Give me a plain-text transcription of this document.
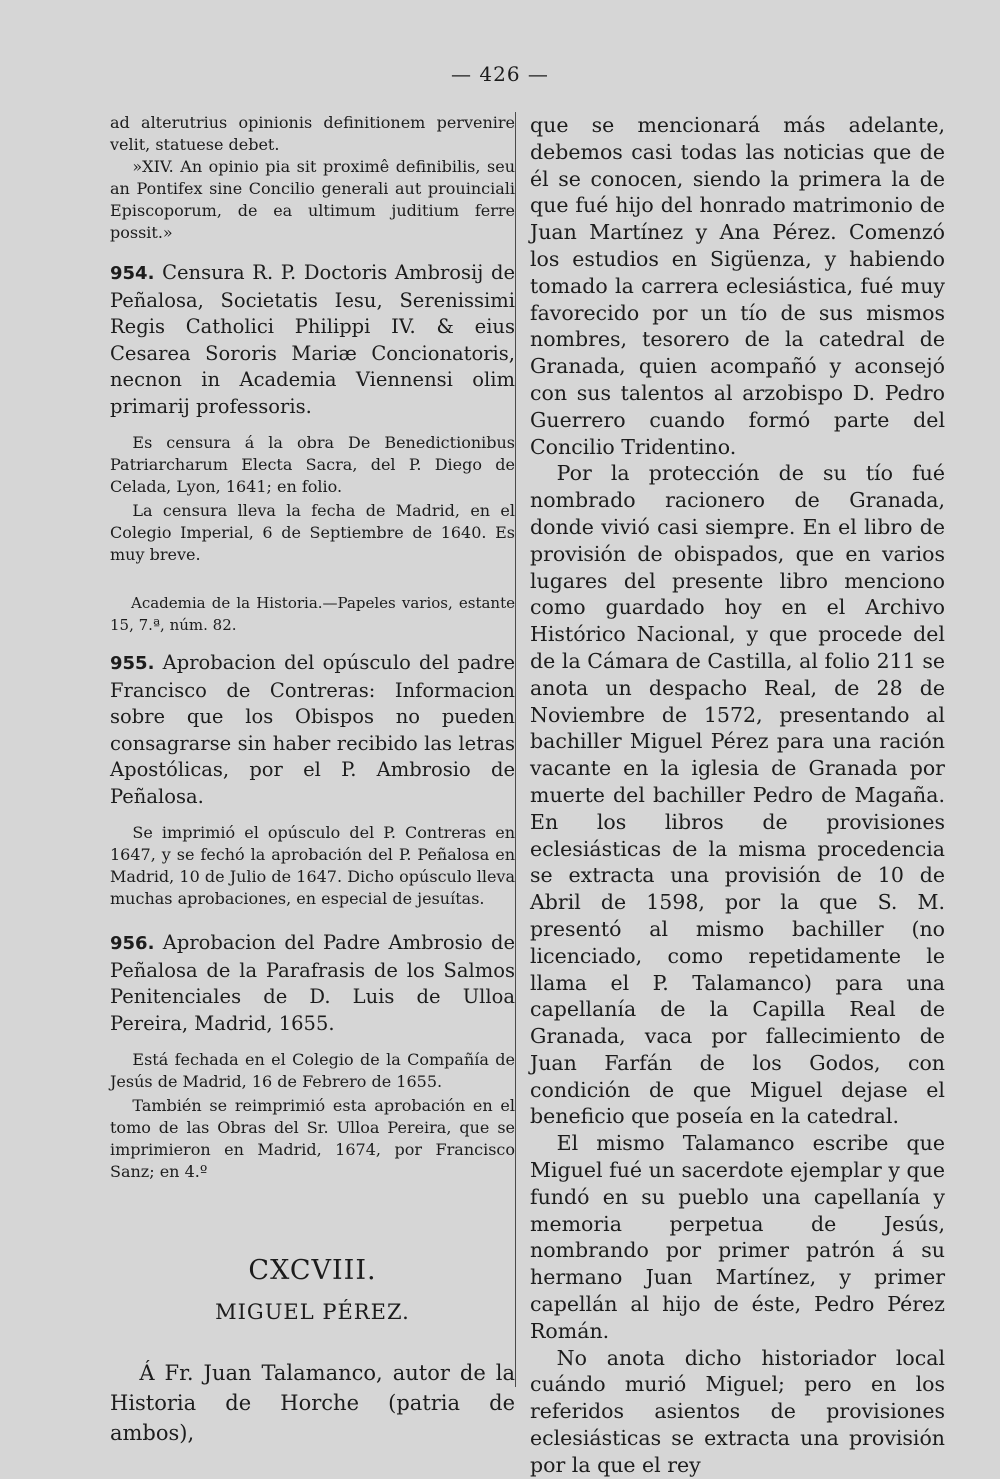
— 426 —

ad alterutrius opinionis definitionem pervenire velit, statuese debet.

»XIV. An opinio pia sit proximê definibilis, seu an Pontifex sine Concilio generali aut prouinciali Episcoporum, de ea ultimum juditium ferre possit.»

954. Censura R. P. Doctoris Ambrosij de Peñalosa, Societatis Iesu, Serenissimi Regis Catholici Philippi IV. & eius Cesarea Sororis Mariæ Concionatoris, necnon in Academia Viennensi olim primarij professoris.

Es censura á la obra De Benedictionibus Patriarcharum Electa Sacra, del P. Diego de Celada, Lyon, 1641; en folio.

La censura lleva la fecha de Madrid, en el Colegio Imperial, 6 de Septiembre de 1640. Es muy breve.

Academia de la Historia.—Papeles varios, estante 15, 7.ª, núm. 82.

955. Aprobacion del opúsculo del padre Francisco de Contreras: Informacion sobre que los Obispos no pueden consagrarse sin haber recibido las letras Apostólicas, por el P. Ambrosio de Peñalosa.

Se imprimió el opúsculo del P. Contreras en 1647, y se fechó la aprobación del P. Peñalosa en Madrid, 10 de Julio de 1647. Dicho opúsculo lleva muchas aprobaciones, en especial de jesuítas.

956. Aprobacion del Padre Ambrosio de Peñalosa de la Parafrasis de los Salmos Penitenciales de D. Luis de Ulloa Pereira, Madrid, 1655.

Está fechada en el Colegio de la Compañía de Jesús de Madrid, 16 de Febrero de 1655.

También se reimprimió esta aprobación en el tomo de las Obras del Sr. Ulloa Pereira, que se imprimieron en Madrid, 1674, por Francisco Sanz; en 4.º

CXCVIII.
MIGUEL PÉREZ.

Á Fr. Juan Talamanco, autor de la Historia de Horche (patria de ambos),

que se mencionará más adelante, debemos casi todas las noticias que de él se conocen, siendo la primera la de que fué hijo del honrado matrimonio de Juan Martínez y Ana Pérez. Comenzó los estudios en Sigüenza, y habiendo tomado la carrera eclesiástica, fué muy favorecido por un tío de sus mismos nombres, tesorero de la catedral de Granada, quien acompañó y aconsejó con sus talentos al arzobispo D. Pedro Guerrero cuando formó parte del Concilio Tridentino.

Por la protección de su tío fué nombrado racionero de Granada, donde vivió casi siempre. En el libro de provisión de obispados, que en varios lugares del presente libro menciono como guardado hoy en el Archivo Histórico Nacional, y que procede del de la Cámara de Castilla, al folio 211 se anota un despacho Real, de 28 de Noviembre de 1572, presentando al bachiller Miguel Pérez para una ración vacante en la iglesia de Granada por muerte del bachiller Pedro de Magaña. En los libros de provisiones eclesiásticas de la misma procedencia se extracta una provisión de 10 de Abril de 1598, por la que S. M. presentó al mismo bachiller (no licenciado, como repetidamente le llama el P. Talamanco) para una capellanía de la Capilla Real de Granada, vaca por fallecimiento de Juan Farfán de los Godos, con condición de que Miguel dejase el beneficio que poseía en la catedral.

El mismo Talamanco escribe que Miguel fué un sacerdote ejemplar y que fundó en su pueblo una capellanía y memoria perpetua de Jesús, nombrando por primer patrón á su hermano Juan Martínez, y primer capellán al hijo de éste, Pedro Pérez Román.

No anota dicho historiador local cuándo murió Miguel; pero en los referidos asientos de provisiones eclesiásticas se extracta una provisión por la que el rey
